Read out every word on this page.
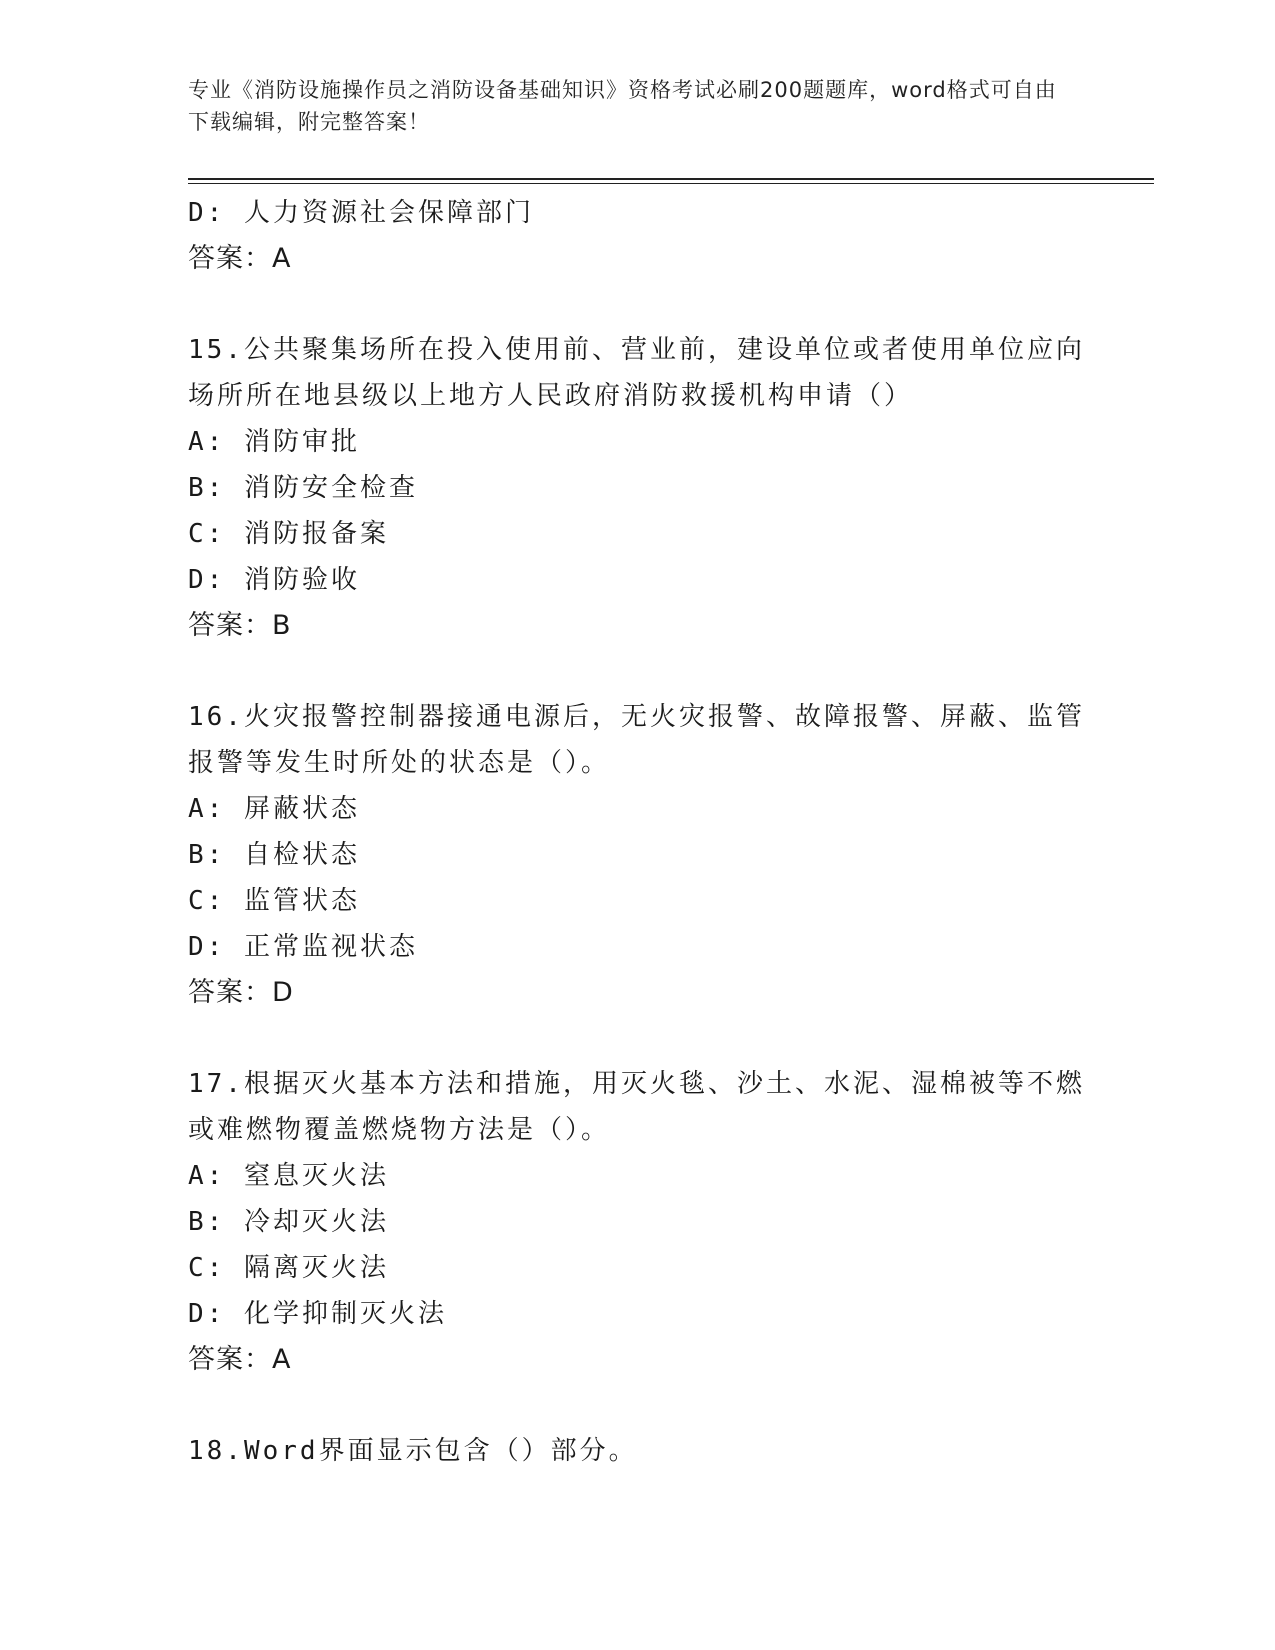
专业《消防设施操作员之消防设备基础知识》资格考试必刷200题题库，word格式可自由下载编辑，附完整答案！
D: 人力资源社会保障部门
答案：A
15.公共聚集场所在投入使用前、营业前，建设单位或者使用单位应向
场所所在地县级以上地方人民政府消防救援机构申请（）
A: 消防审批
B: 消防安全检查
C: 消防报备案
D: 消防验收
答案：B
16.火灾报警控制器接通电源后，无火灾报警、故障报警、屏蔽、监管
报警等发生时所处的状态是（）。
A: 屏蔽状态
B: 自检状态
C: 监管状态
D: 正常监视状态
答案：D
17.根据灭火基本方法和措施，用灭火毯、沙土、水泥、湿棉被等不燃
或难燃物覆盖燃烧物方法是（）。
A: 窒息灭火法
B: 冷却灭火法
C: 隔离灭火法
D: 化学抑制灭火法
答案：A
18.Word界面显示包含（）部分。
